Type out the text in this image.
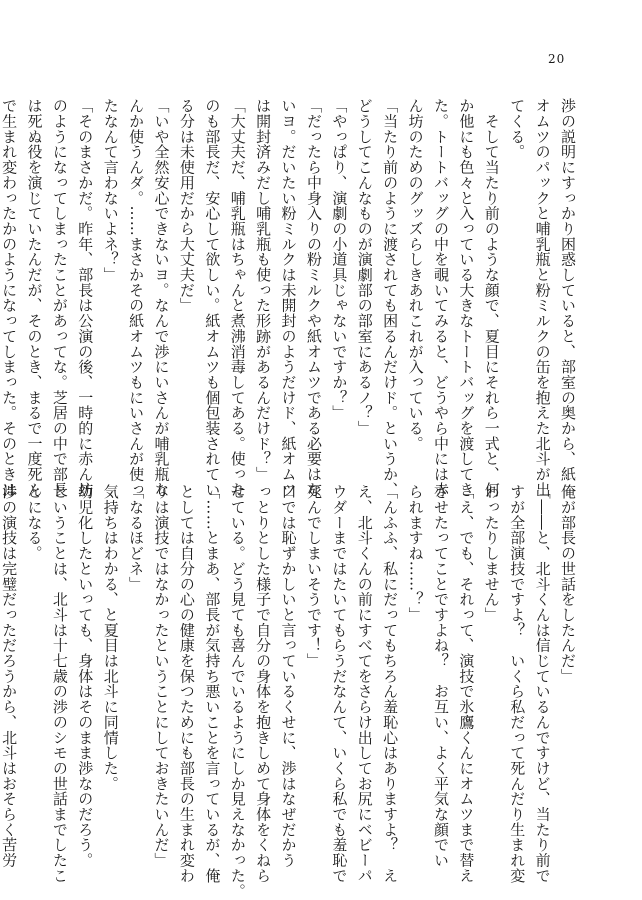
20
渉の説明にすっかり困惑していると、部室の奥から、紙
オムツのパックと哺乳瓶と粉ミルクの缶を抱えた北斗が出
てくる。
　そして当たり前のような顔で、夏目にそれら一式と、何
か他にも色々と入っている大きなトートバッグを渡してき
た。トートバッグの中を覗いてみると、どうやら中には赤
ん坊のためのグッズらしきあれこれが入っている。
「当たり前のように渡されても困るんだけド。というか、
どうしてこんなものが演劇部の部室にあるノ？」
「やっぱり、演劇の小道具じゃないですか？」
「だったら中身入りの粉ミルクや紙オムツである必要はな
いヨ。だいたい粉ミルクは未開封のようだけド、紙オムツ
は開封済みだし哺乳瓶も使った形跡があるんだけド？」
「大丈夫だ、哺乳瓶はちゃんと煮沸消毒してある。使った
のも部長だ、安心して欲しい。紙オムツも個包装されてい
る分は未使用だから大丈夫だ」
「いや全然安心できないヨ。なんで渉にいさんが哺乳瓶な
んか使うんダ。……まさかその紙オムツもにいさんが使っ
たなんて言わないよネ？」
「そのまさかだ。昨年、部長は公演の後、一時的に赤ん坊
のようになってしまったことがあってな。芝居の中で部長
は死ぬ役を演じていたんだが、そのとき、まるで一度死ん
で生まれ変わったかのようになってしまった。そのときは
俺が部長の世話をしたんだ」
「――と、北斗くんは信じているんですけど、当たり前で
すが全部演技ですよ？　いくら私だって死んだり生まれ変
わったりしません」
「え、でも、それって、演技で氷鷹くんにオムツまで替え
させたってことですよね？　お互い、よく平気な顔でい
られますね……？」
「んふふ、私にだってもちろん羞恥心はありますよ？　え
え、北斗くんの前にすべてをさらけ出してお尻にベビーパ
ウダーまではたいてもらうだなんて、いくら私でも羞恥で
死んでしまいそうです！」
口では恥ずかしいと言っているくせに、渉はなぜだかう
っとりとした様子で自分の身体を抱きしめて身体をくねら
せている。どう見ても喜んでいるようにしか見えなかった。
「……とまあ、部長が気持ち悪いことを言っているが、俺
としては自分の心の健康を保つためにも部長の生まれ変わ
りは演技ではなかったということにしておきたいんだ」
「なるほどネ」
気持ちはわかる、と夏目は北斗に同情した。
幼児化したといっても、身体はそのまま渉なのだろう。
ということは、北斗は十七歳の渉のシモの世話までしたこ
とになる。
渉の演技は完璧だっただろうから、北斗はおそらく苦労
